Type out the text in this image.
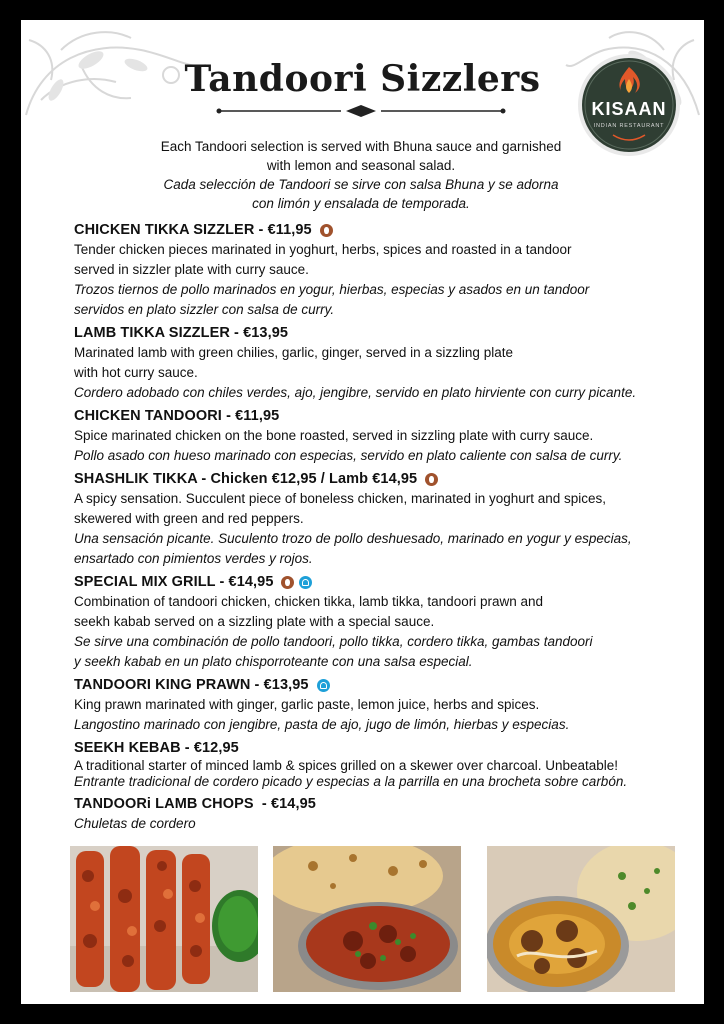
Tandoori Sizzlers
KISAAN
INDIAN RESTAURANT
Each Tandoori selection is served with Bhuna sauce and garnished
with lemon and seasonal salad.
Cada selección de Tandoori se sirve con salsa Bhuna y se adorna
con limón y ensalada de temporada.
CHICKEN TIKKA SIZZLER - €11,95
Tender chicken pieces marinated in yoghurt, herbs, spices and roasted in a tandoor
served in sizzler plate with curry sauce.
Trozos tiernos de pollo marinados en yogur, hierbas, especias y asados en un tandoor
servidos en plato sizzler con salsa de curry.
LAMB TIKKA SIZZLER - €13,95
Marinated lamb with green chilies, garlic, ginger, served in a sizzling plate
with hot curry sauce.
Cordero adobado con chiles verdes, ajo, jengibre, servido en plato hirviente con curry picante.
CHICKEN TANDOORI - €11,95
Spice marinated chicken on the bone roasted, served in sizzling plate with curry sauce.
Pollo asado con hueso marinado con especias, servido en plato caliente con salsa de curry.
SHASHLIK TIKKA - Chicken €12,95 / Lamb €14,95
A spicy sensation. Succulent piece of boneless chicken, marinated in yoghurt and spices,
skewered with green and red peppers.
Una sensación picante. Suculento trozo de pollo deshuesado, marinado en yogur y especias,
ensartado con pimientos verdes y rojos.
SPECIAL MIX GRILL - €14,95
Combination of tandoori chicken, chicken tikka, lamb tikka, tandoori prawn and
seekh kabab served on a sizzling plate with a special sauce.
Se sirve una combinación de pollo tandoori, pollo tikka, cordero tikka, gambas tandoori
y seekh kabab en un plato chisporroteante con una salsa especial.
TANDOORI KING PRAWN - €13,95
King prawn marinated with ginger, garlic paste, lemon juice, herbs and spices.
Langostino marinado con jengibre, pasta de ajo, jugo de limón, hierbas y especias.
SEEKH KEBAB - €12,95
A traditional starter of minced lamb & spices grilled on a skewer over charcoal. Unbeatable!
Entrante tradicional de cordero picado y especias a la parrilla en una brocheta sobre carbón.
TANDOORi LAMB CHOPS  - €14,95
Chuletas de cordero
